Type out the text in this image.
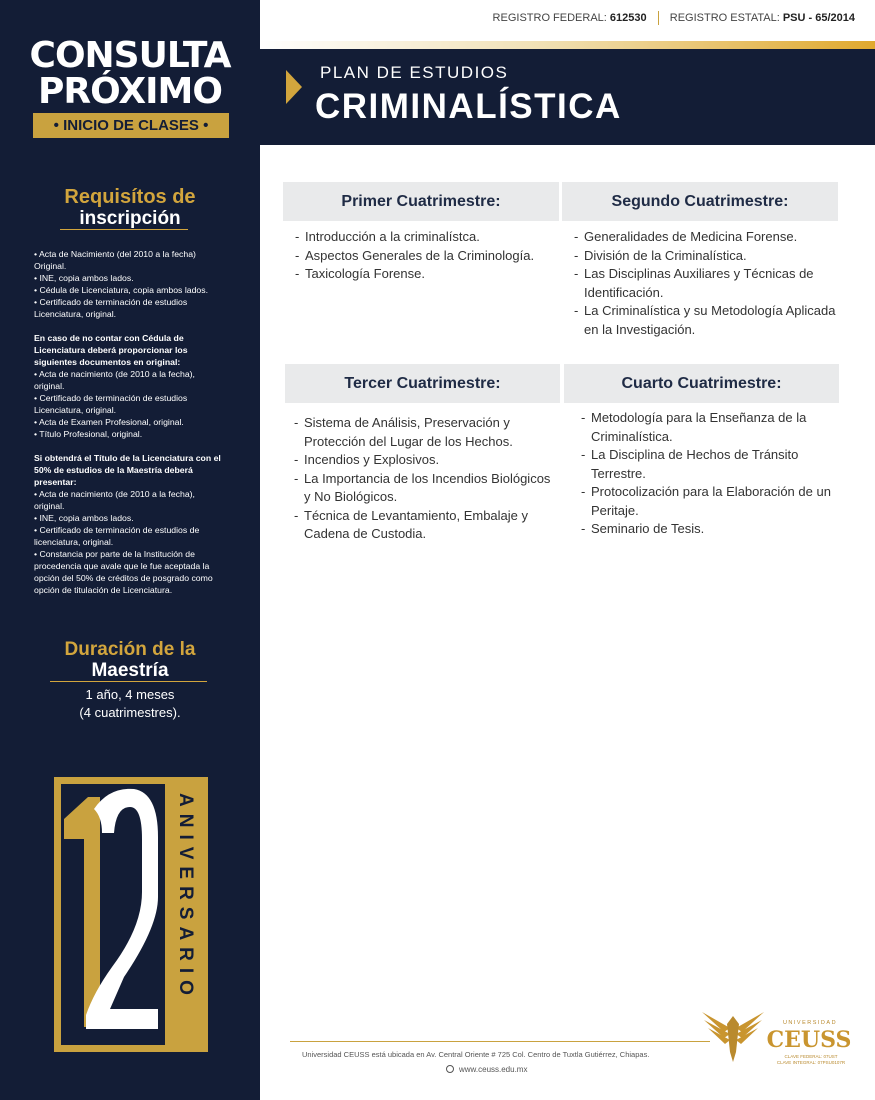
CONSULTA
PRÓXIMO
• INICIO DE CLASES •
Requisítos de
inscripción

• Acta de Nacimiento (del 2010 a la fecha)
Original.
• INE, copia ambos lados.
• Cédula de Licenciatura, copia ambos lados.
• Certificado de terminación de estudios
Licenciatura, original.

En caso de no contar con Cédula de
Licenciatura deberá proporcionar los
siguientes documentos en original:

• Acta de nacimiento (de 2010 a la fecha),
original.
• Certificado de terminación de estudios
Licenciatura, original.
• Acta de Examen Profesional, original.
• Título Profesional, original.

Si obtendrá el Título de la Licenciatura con el
50% de estudios de la Maestría deberá
presentar:

• Acta de nacimiento (de 2010 a la fecha),
original.
• INE, copia ambos lados.
• Certificado de terminación de estudios de
licenciatura, original.
• Constancia por parte de la Institución de
procedencia que avale que le fue aceptada la
opción del 50% de créditos de posgrado como
opción de titulación de Licenciatura.

Duración de la
Maestría
1 año, 4 meses
(4 cuatrimestres).
ANIVERSARIO
REGISTRO FEDERAL: 612530 REGISTRO ESTATAL: PSU - 65/2014
PLAN DE ESTUDIOS
CRIMINALÍSTICA
Primer Cuatrimestre:
- Introducción a la criminalístca.
- Aspectos Generales de la Criminología.
- Taxicología Forense.
Segundo Cuatrimestre:
- Generalidades de Medicina Forense.
- División de la Criminalística.
- Las Disciplinas Auxiliares y Técnicas de Identificación.
- La Criminalística y su Metodología Aplicada en la Investigación.
Tercer Cuatrimestre:
- Sistema de Análisis, Preservación y Protección del Lugar de los Hechos.
- Incendios y Explosivos.
- La Importancia de los Incendios Biológicos y No Biológicos.
- Técnica de Levantamiento, Embalaje y Cadena de Custodia.
Cuarto Cuatrimestre:
- Metodología para la Enseñanza de la Criminalística.
- La Disciplina de Hechos de Tránsito Terrestre.
- Protocolización para la Elaboración de un Peritaje.
- Seminario de Tesis.
Universidad CEUSS está ubicada en Av. Central Oriente # 725 Col. Centro de Tuxtla Gutiérrez, Chiapas.
www.ceuss.edu.mx
UNIVERSIDAD
CEUSS
CLAVE FEDERAL: 07UST
CLAVE INTEGRAL: 07PSU0107R
